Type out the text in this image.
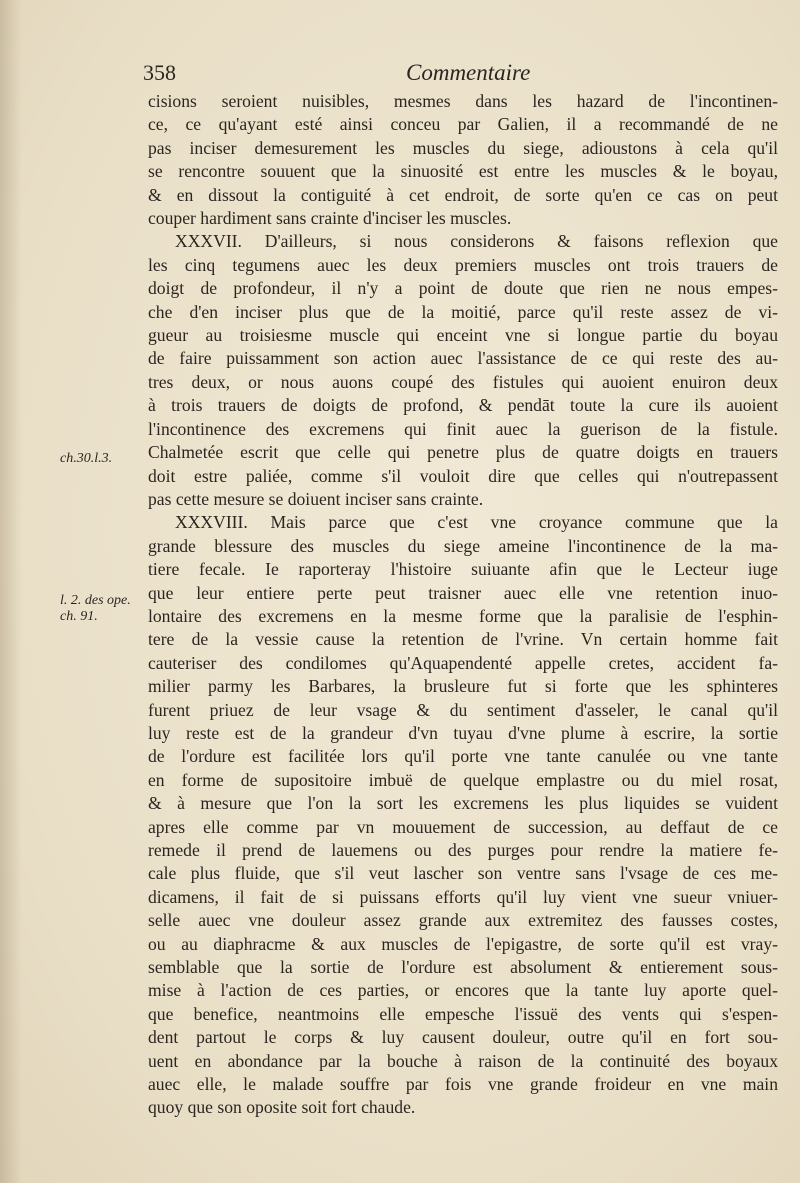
358	Commentaire
ch.30.l.3.
l. 2. des ope. ch. 91.

cisions seroient nuisibles, mesmes dans les hazard de l'incontinen-
ce, ce qu'ayant esté ainsi conceu par Galien, il a recommandé de ne
pas inciser demesurement les muscles du siege, adioustons à cela qu'il
se rencontre souuent que la sinuosité est entre les muscles & le boyau,
& en dissout la contiguité à cet endroit, de sorte qu'en ce cas on peut
couper hardiment sans crainte d'inciser les muscles.

XXXVII. D'ailleurs, si nous considerons & faisons reflexion que
les cinq tegumens auec les deux premiers muscles ont trois trauers de
doigt de profondeur, il n'y a point de doute que rien ne nous empes-
che d'en inciser plus que de la moitié, parce qu'il reste assez de vi-
gueur au troisiesme muscle qui enceint vne si longue partie du boyau
de faire puissamment son action auec l'assistance de ce qui reste des au-
tres deux, or nous auons coupé des fistules qui auoient enuiron deux
à trois trauers de doigts de profond, & pendāt toute la cure ils auoient
l'incontinence des excremens qui finit auec la guerison de la fistule.
Chalmetée escrit que celle qui penetre plus de quatre doigts en trauers
doit estre paliée, comme s'il vouloit dire que celles qui n'outrepassent
pas cette mesure se doiuent inciser sans crainte.

XXXVIII. Mais parce que c'est vne croyance commune que la
grande blessure des muscles du siege ameine l'incontinence de la ma-
tiere fecale. Ie raporteray l'histoire suiuante afin que le Lecteur iuge
que leur entiere perte peut traisner auec elle vne retention inuo-
lontaire des excremens en la mesme forme que la paralisie de l'esphin-
tere de la vessie cause la retention de l'vrine. Vn certain homme fait
cauteriser des condilomes qu'Aquapendenté appelle cretes, accident fa-
milier parmy les Barbares, la brusleure fut si forte que les sphinteres
furent priuez de leur vsage & du sentiment d'asseler, le canal qu'il
luy reste est de la grandeur d'vn tuyau d'vne plume à escrire, la sortie
de l'ordure est facilitée lors qu'il porte vne tante canulée ou vne tante
en forme de supositoire imbuë de quelque emplastre ou du miel rosat,
& à mesure que l'on la sort les excremens les plus liquides se vuident
apres elle comme par vn mouuement de succession, au deffaut de ce
remede il prend de lauemens ou des purges pour rendre la matiere fe-
cale plus fluide, que s'il veut lascher son ventre sans l'vsage de ces me-
dicamens, il fait de si puissans efforts qu'il luy vient vne sueur vniuer-
selle auec vne douleur assez grande aux extremitez des fausses costes,
ou au diaphracme & aux muscles de l'epigastre, de sorte qu'il est vray-
semblable que la sortie de l'ordure est absolument & entierement sous-
mise à l'action de ces parties, or encores que la tante luy aporte quel-
que benefice, neantmoins elle empesche l'issuë des vents qui s'espen-
dent partout le corps & luy causent douleur, outre qu'il en fort sou-
uent en abondance par la bouche à raison de la continuité des boyaux
auec elle, le malade souffre par fois vne grande froideur en vne main
quoy que son oposite soit fort chaude.
